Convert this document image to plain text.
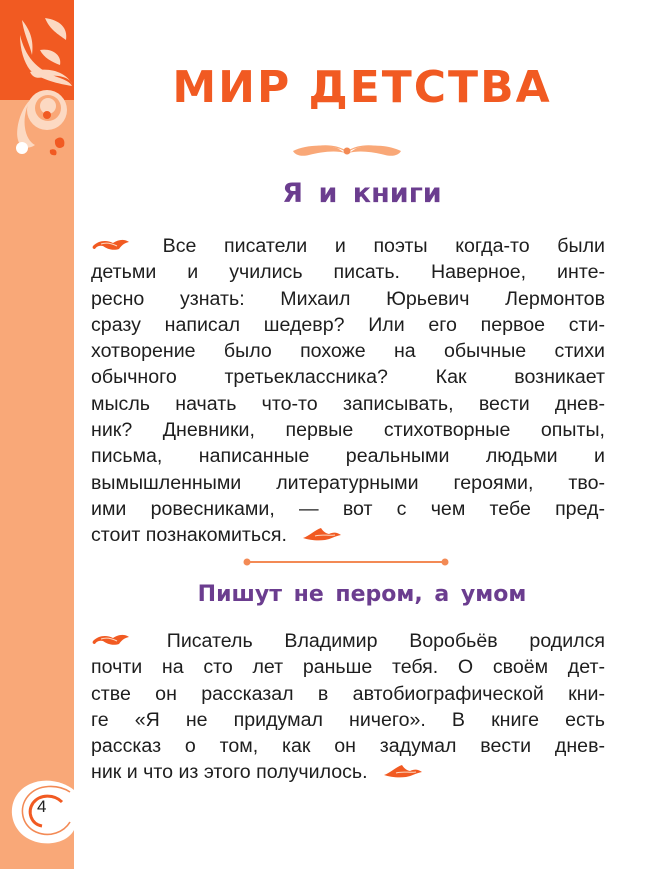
4
МИР ДЕТСТВА
Я и книги
Все писатели и поэты когда-то были
детьми и учились писать. Наверное, инте-
ресно узнать: Михаил Юрьевич Лермонтов
сразу написал шедевр? Или его первое сти-
хотворение было похоже на обычные стихи
обычного третьеклассника? Как возникает
мысль начать что-то записывать, вести днев-
ник? Дневники, первые стихотворные опыты,
письма, написанные реальными людьми и
вымышленными литературными героями, тво-
ими ровесниками, — вот с чем тебе пред-
стоит познакомиться.
Пишут не пером, а умом
Писатель Владимир Воробьёв родился
почти на сто лет раньше тебя. О своём дет-
стве он рассказал в автобиографической кни-
ге «Я не придумал ничего». В книге есть
рассказ о том, как он задумал вести днев-
ник и что из этого получилось.
